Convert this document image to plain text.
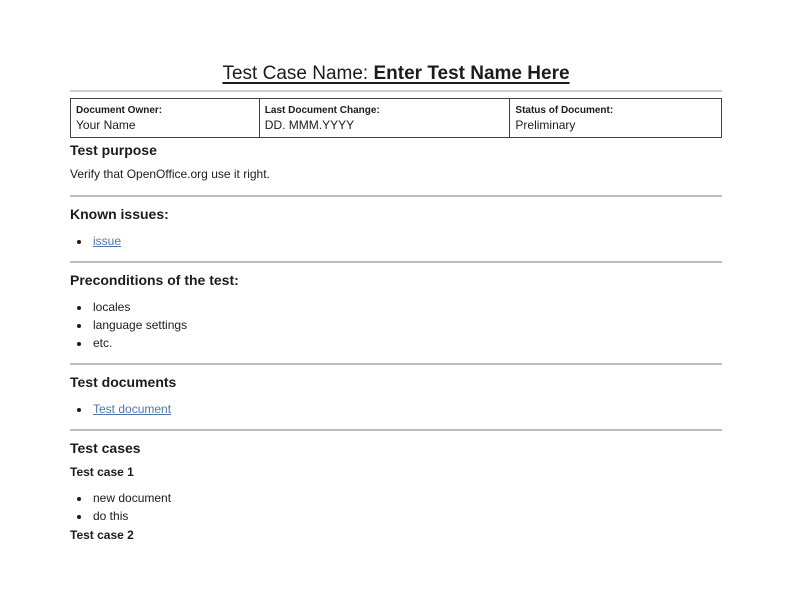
Test Case Name: Enter Test Name Here
Document Owner:
Your Name

Last Document Change:
DD. MMM.YYYY

Status of Document:
Preliminary
Test purpose

Verify that OpenOffice.org use it right.

Known issues:
• issue
Preconditions of the test:
• locales
• language settings
• etc.
Test documents
• Test document
Test cases
Test case 1
• new document
• do this
Test case 2
